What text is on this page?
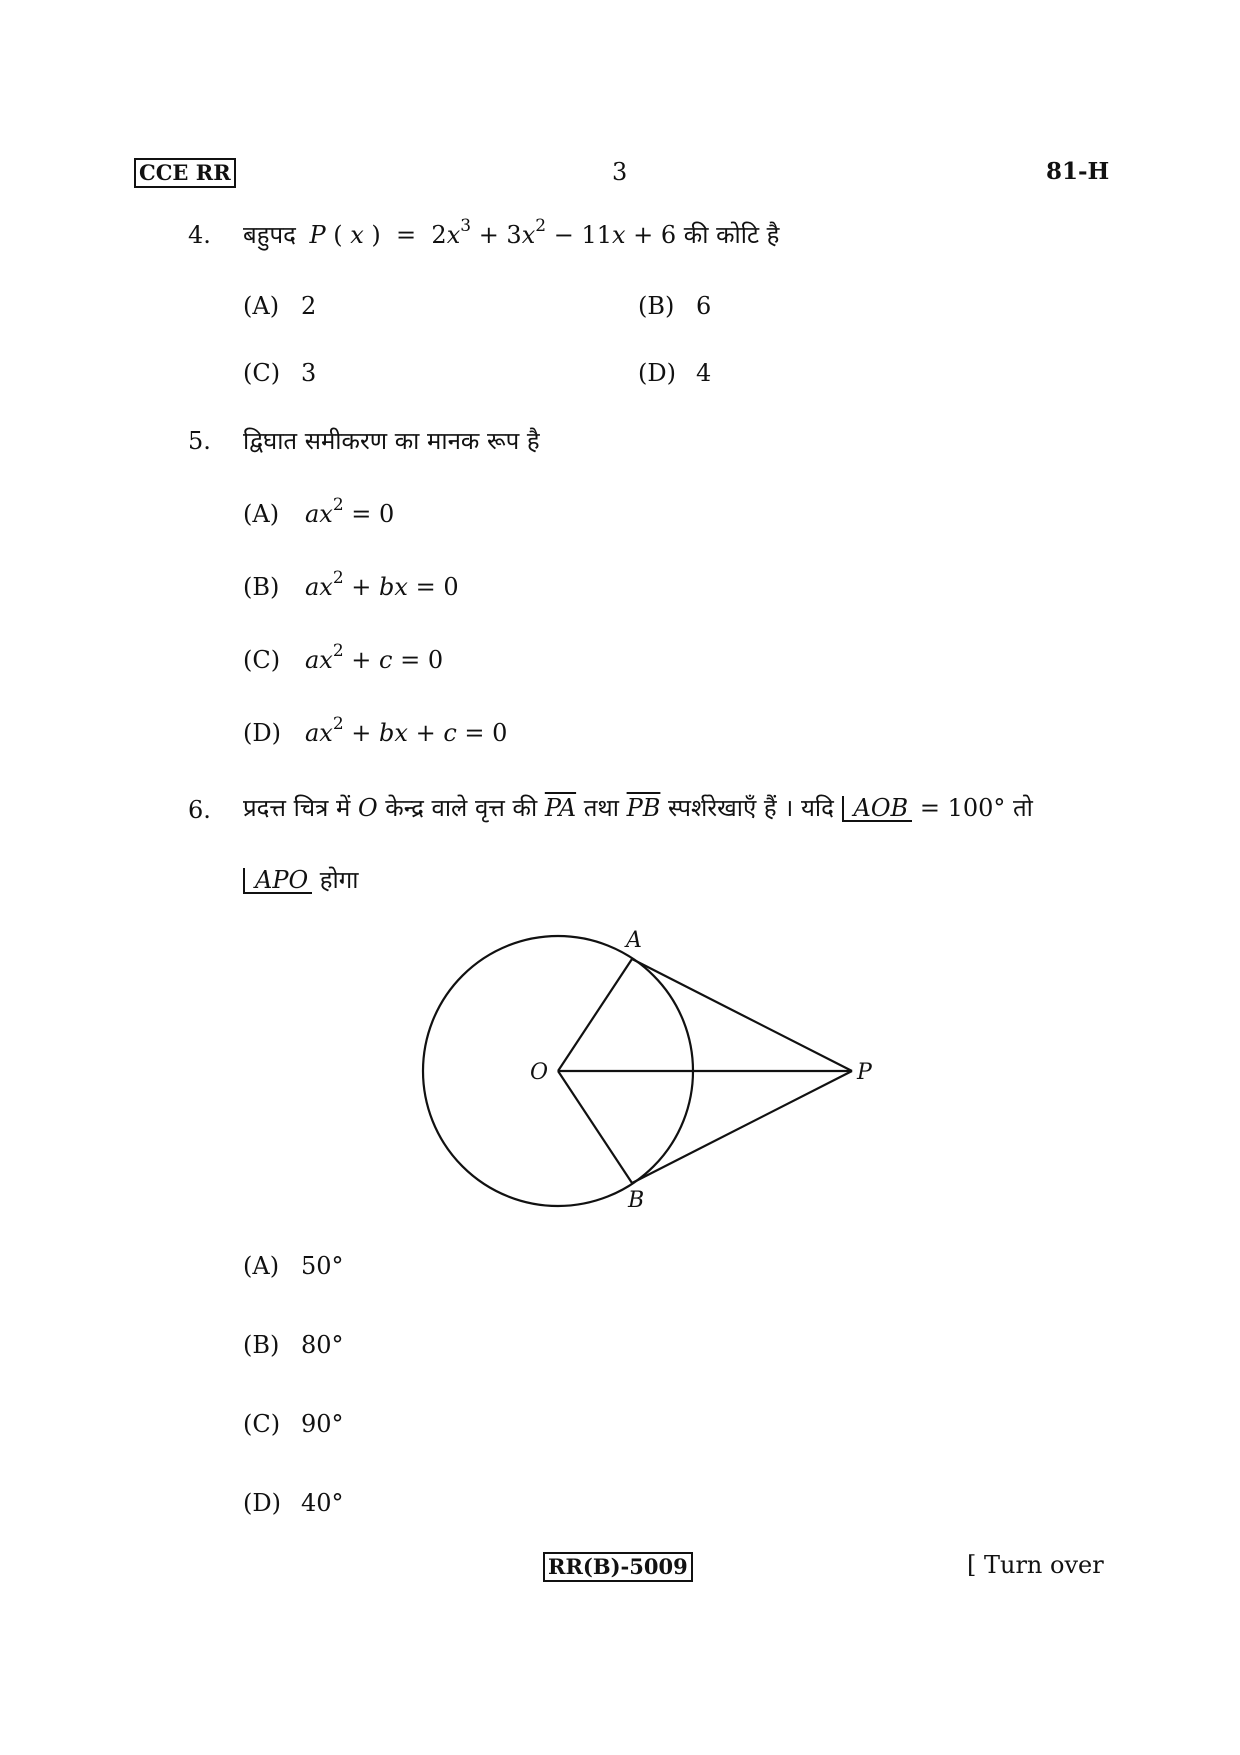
CCE RR	3	81-H
4. बहुपद P ( x )  =  $2x^3 + 3x^2 - 11x + 6$ की कोटि है
(A) 2	(B) 6
(C) 3	(D) 4
5. द्विघात समीकरण का मानक रूप है
(A) $ax^2 = 0$
(B) $ax^2$ + bx = 0
(C) $ax^2 + c = 0$
(D) $ax^2$ + bx + c = 0
6. प्रदत्त चित्र में O केन्द्र वाले वृत्त की $\overline{PA}$ तथा $\overline{PB}$ स्पर्शरेखाएँ हैं । यदि AOB = 100° तो
APO होगा
A
O	P
B
(A) 50°
(B) 80°
(C) 90°
(D) 40°
RR(B)-5009	[ Turn over
